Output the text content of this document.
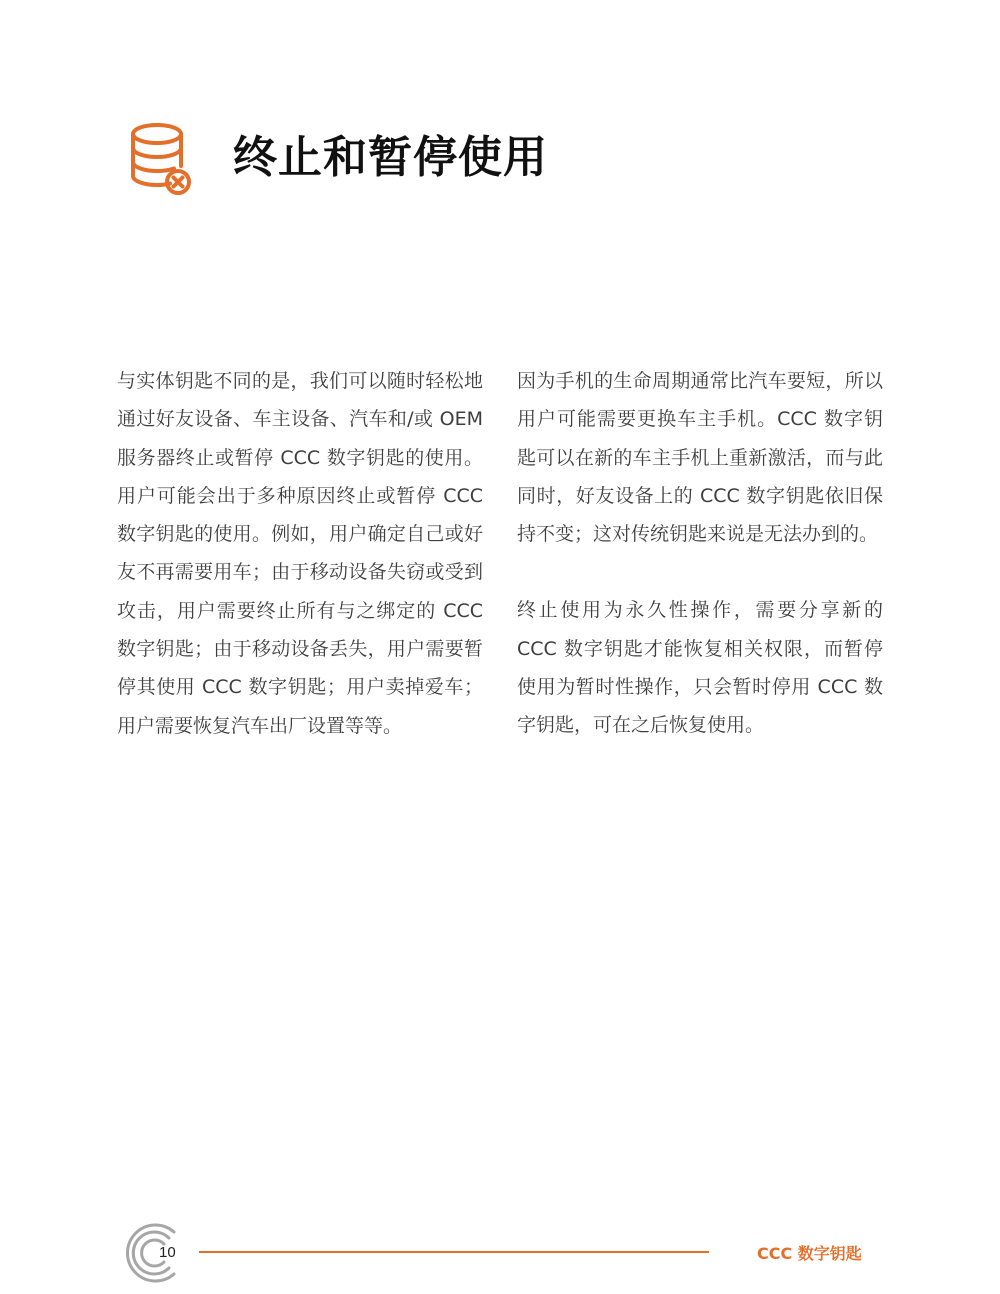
终止和暂停使用

与实体钥匙不同的是，我们可以随时轻松地通过好友设备、车主设备、汽车和/或 OEM 服务器终止或暂停 CCC 数字钥匙的使用。用户可能会出于多种原因终止或暂停 CCC 数字钥匙的使用。例如，用户确定自己或好友不再需要用车；由于移动设备失窃或受到攻击，用户需要终止所有与之绑定的 CCC 数字钥匙；由于移动设备丢失，用户需要暂停其使用 CCC 数字钥匙；用户卖掉爱车；用户需要恢复汽车出厂设置等等。

因为手机的生命周期通常比汽车要短，所以用户可能需要更换车主手机。CCC 数字钥匙可以在新的车主手机上重新激活，而与此同时，好友设备上的 CCC 数字钥匙依旧保持不变；这对传统钥匙来说是无法办到的。

终止使用为永久性操作，需要分享新的 CCC 数字钥匙才能恢复相关权限，而暂停使用为暂时性操作，只会暂时停用 CCC 数字钥匙，可在之后恢复使用。

10	CCC 数字钥匙
